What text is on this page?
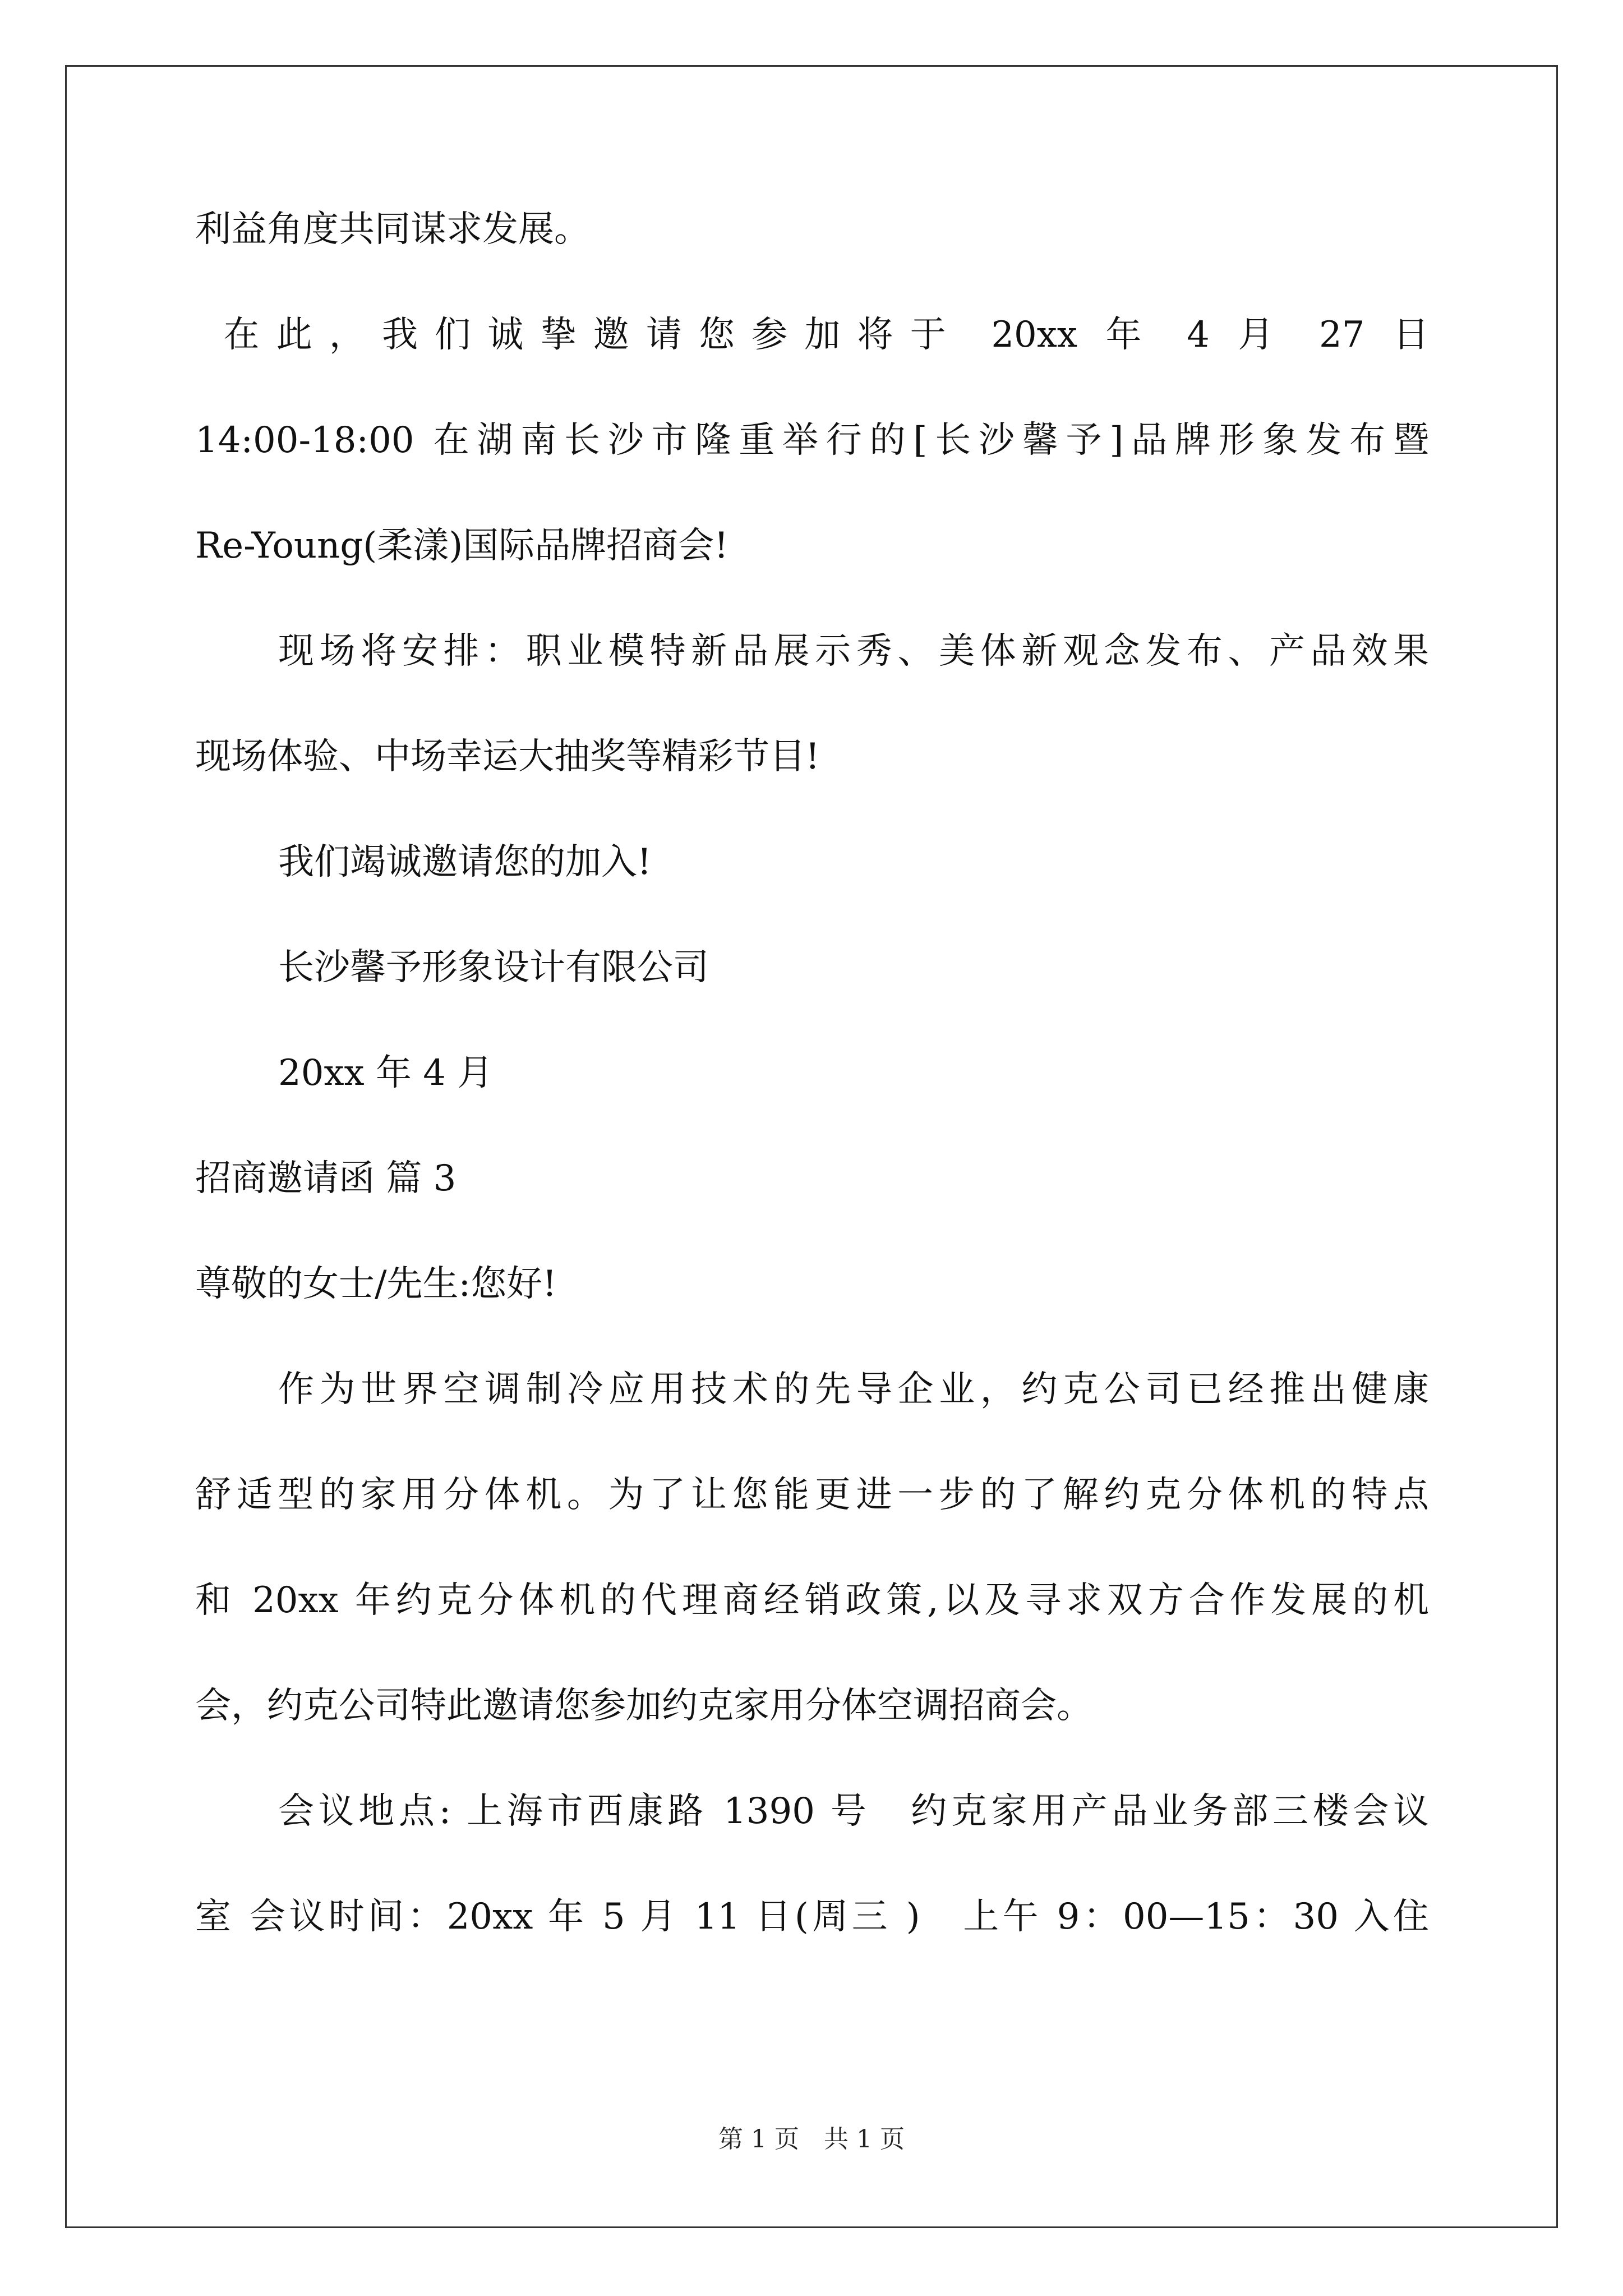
利益角度共同谋求发展。
在此，我们诚挚邀请您参加将于 20xx 年 4 月 27 日
14:00-18:00 在湖南长沙市隆重举行的[长沙馨予]品牌形象发布暨
Re-Young(柔漾)国际品牌招商会!
现场将安排：职业模特新品展示秀、美体新观念发布、产品效果
现场体验、中场幸运大抽奖等精彩节目!
我们竭诚邀请您的加入!
长沙馨予形象设计有限公司
20xx 年 4 月
招商邀请函 篇 3
尊敬的女士/先生:您好!
作为世界空调制冷应用技术的先导企业，约克公司已经推出健康
舒适型的家用分体机。为了让您能更进一步的了解约克分体机的特点
和 20xx 年约克分体机的代理商经销政策,以及寻求双方合作发展的机
会，约克公司特此邀请您参加约克家用分体空调招商会。
会议地点: 上海市西康路 1390 号　约克家用产品业务部三楼会议
室 会议时间：20xx 年 5 月 11 日(周三 )　上午 9：00—15：30 入住
第 1 页　共 1 页
